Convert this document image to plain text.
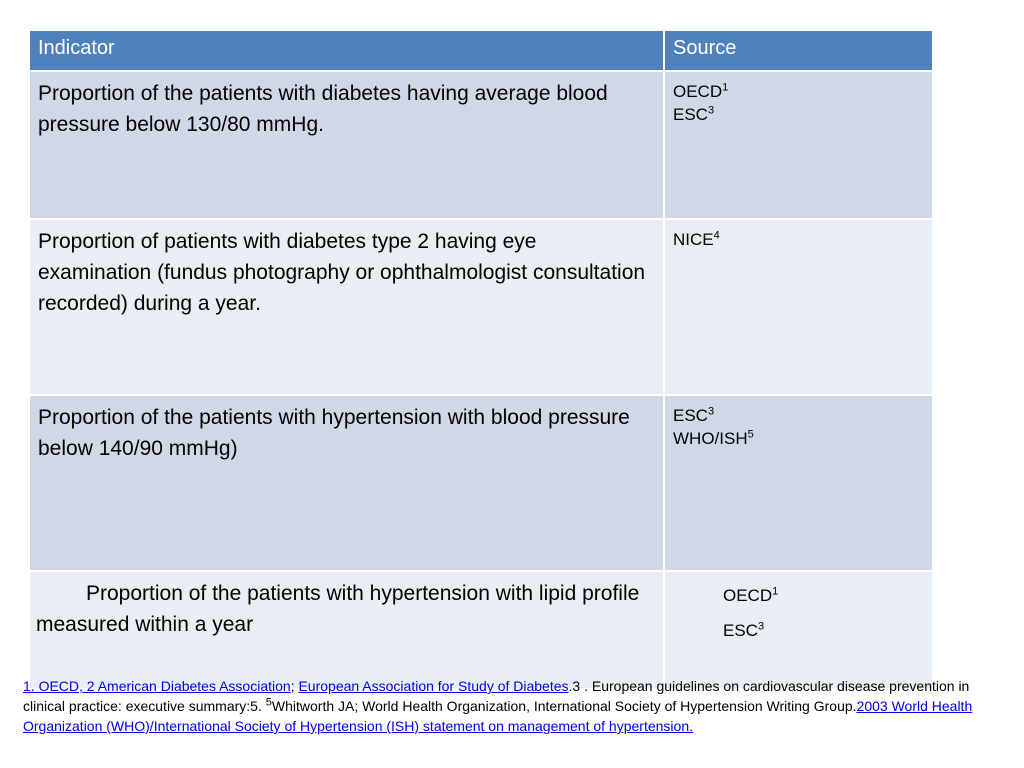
Indicator	Source
Proportion of the patients with diabetes having average blood pressure below 130/80 mmHg.	OECD$^1$
ESC$^3$

Proportion of patients with diabetes type 2 having eye examination (fundus photography or ophthalmologist consultation recorded) during a year.	NICE$^4$

Proportion of the patients with hypertension with blood pressure below 140/90 mmHg)	ESC$^3$
WHO/ISH$^5$

Proportion of the patients with hypertension with lipid profile measured within a year	OECD$^1$
ESC$^3$
1. OECD, 2 American Diabetes Association; European Association for Study of Diabetes.3 . European guidelines on cardiovascular disease prevention in clinical practice: executive summary:5. $^5$Whitworth JA; World Health Organization, International Society of Hypertension Writing Group.2003 World Health Organization (WHO)/International Society of Hypertension (ISH) statement on management of hypertension.
